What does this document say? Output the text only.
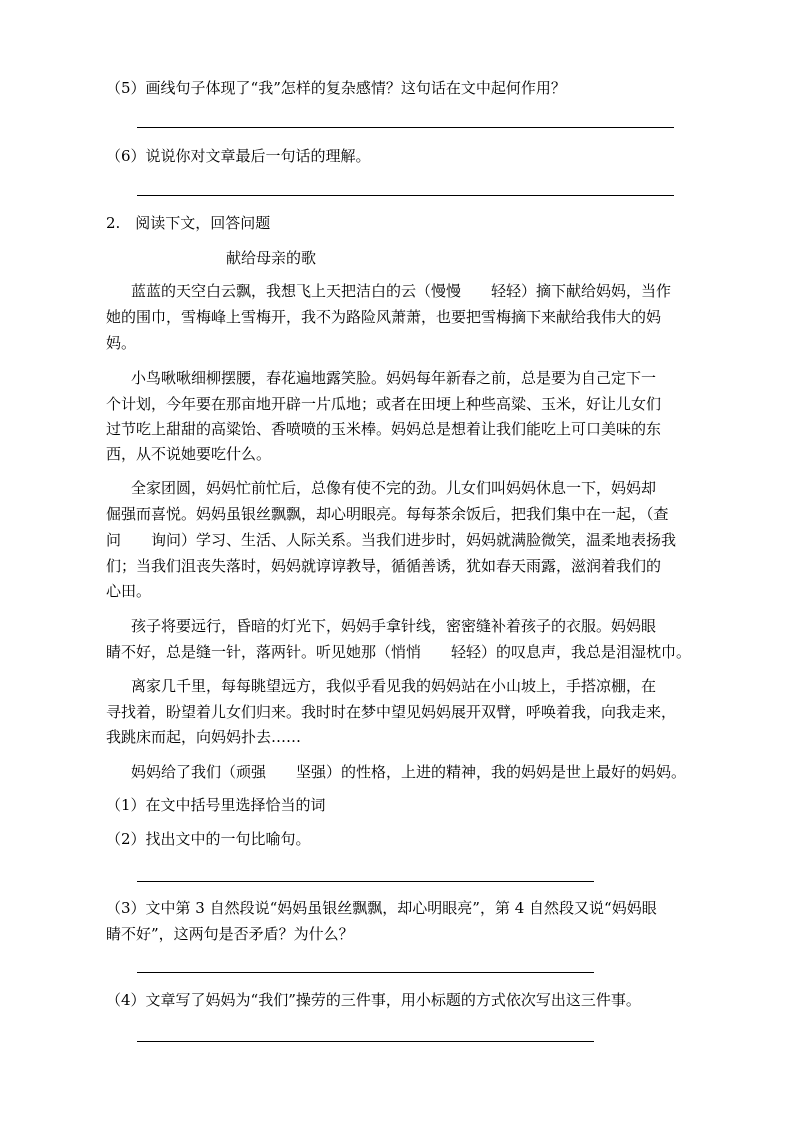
（5）画线句子体现了“我”怎样的复杂感情？这句话在文中起何作用？
（6）说说你对文章最后一句话的理解。
2.　阅读下文，回答问题
献给母亲的歌
蓝蓝的天空白云飘，我想飞上天把洁白的云（慢慢　　轻轻）摘下献给妈妈，当作
她的围巾，雪梅峰上雪梅开，我不为路险风萧萧，也要把雪梅摘下来献给我伟大的妈
妈。
小鸟啾啾细柳摆腰，春花遍地露笑脸。妈妈每年新春之前，总是要为自己定下一
个计划，今年要在那亩地开辟一片瓜地；或者在田埂上种些高粱、玉米，好让儿女们
过节吃上甜甜的高粱饴、香喷喷的玉米棒。妈妈总是想着让我们能吃上可口美味的东
西，从不说她要吃什么。
全家团圆，妈妈忙前忙后，总像有使不完的劲。儿女们叫妈妈休息一下，妈妈却
倔强而喜悦。妈妈虽银丝飘飘，却心明眼亮。每每茶余饭后，把我们集中在一起，（查
问　　询问）学习、生活、人际关系。当我们进步时，妈妈就满脸微笑，温柔地表扬我
们；当我们沮丧失落时，妈妈就谆谆教导，循循善诱，犹如春天雨露，滋润着我们的
心田。
孩子将要远行，昏暗的灯光下，妈妈手拿针线，密密缝补着孩子的衣服。妈妈眼
睛不好，总是缝一针，落两针。听见她那（悄悄　　轻轻）的叹息声，我总是泪湿枕巾。
离家几千里，每每眺望远方，我似乎看见我的妈妈站在小山坡上，手搭凉棚，在
寻找着，盼望着儿女们归来。我时时在梦中望见妈妈展开双臂，呼唤着我，向我走来，
我跳床而起，向妈妈扑去……
妈妈给了我们（顽强　　坚强）的性格，上进的精神，我的妈妈是世上最好的妈妈。
（1）在文中括号里选择恰当的词
（2）找出文中的一句比喻句。
（3）文中第 3 自然段说“妈妈虽银丝飘飘，却心明眼亮”，第 4 自然段又说“妈妈眼
睛不好”，这两句是否矛盾？为什么？
（4）文章写了妈妈为“我们”操劳的三件事，用小标题的方式依次写出这三件事。
